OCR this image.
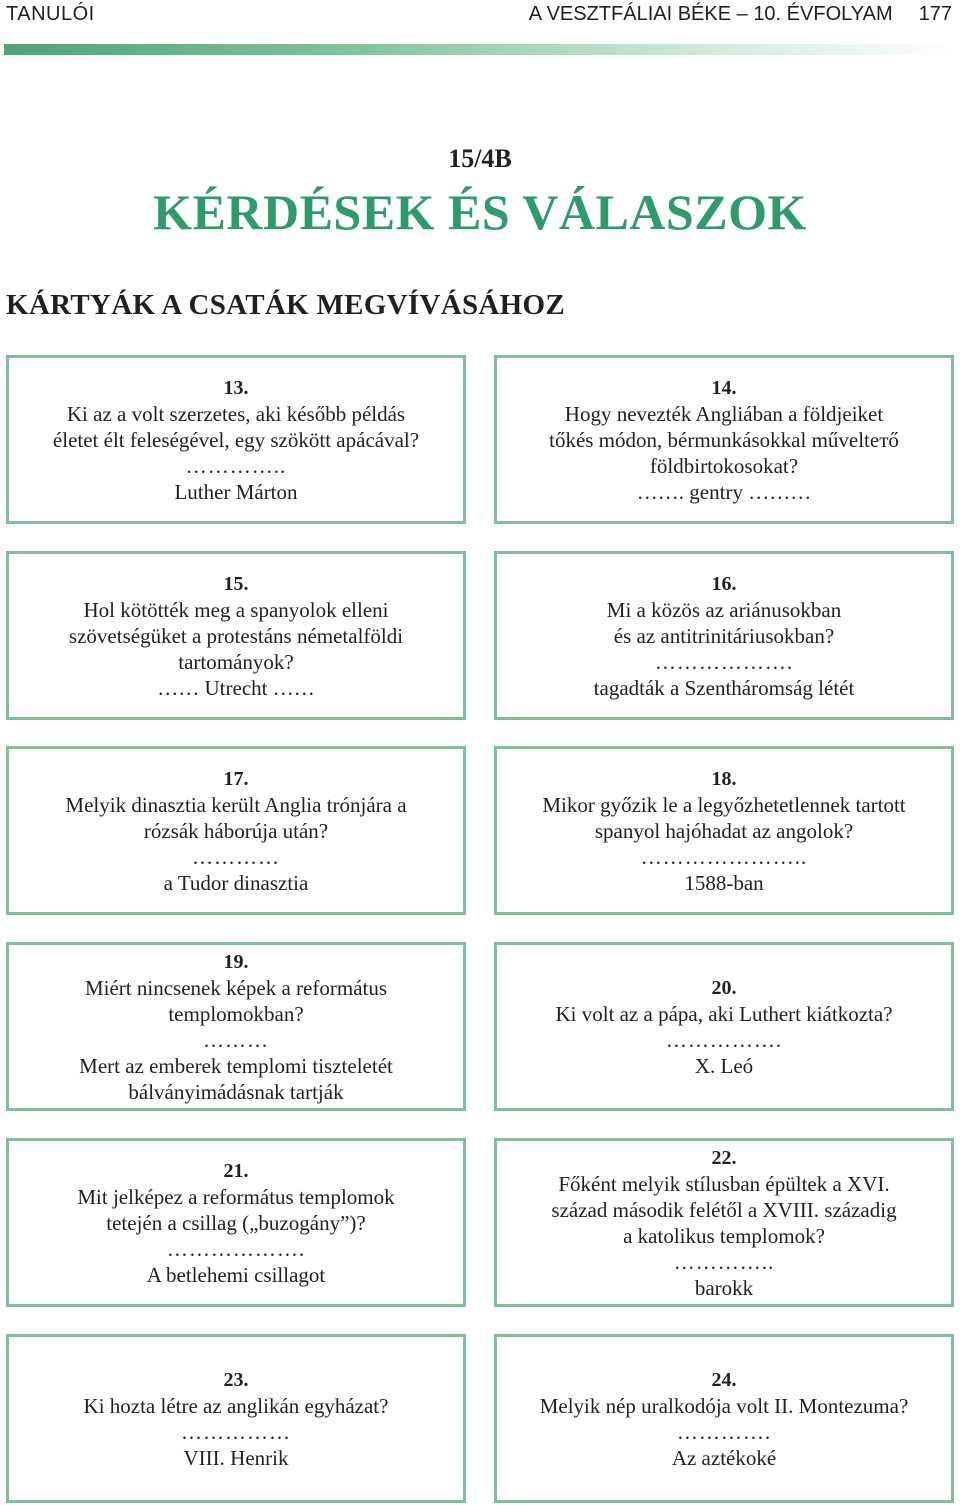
TANULÓI	A VESZTFÁLIAI BÉKE – 10. ÉVFOLYAM 177
15/4B
KÉRDÉSEK ÉS VÁLASZOK
KÁRTYÁK A CSATÁK MEGVÍVÁSÁHOZ
13.
Ki az a volt szerzetes, aki később példás
életet élt feleségével, egy szökött apácával?
…………..
Luther Márton
14.
Hogy nevezték Angliában a földjeiket
tőkés módon, bérmunkásokkal művelteтő
földbirtokosokat?
……. gentry ………
15.
Hol kötötték meg a spanyolok elleni
szövetségüket a protestáns németalföldi
tartományok?
…… Utrecht ……
16.
Mi a közös az ariánusokban
és az antitrinitáriusokban?
……………….
tagadták a Szentháromság létét
17.
Melyik dinasztia került Anglia trónjára a
rózsák háborúja után?
…………
a Tudor dinasztia
18.
Mikor győzik le a legyőzhetetlennek tartott
spanyol hajóhadat az angolok?
…………………..
1588-ban
19.
Miért nincsenek képek a református
templomokban?
………
Mert az emberek templomi tiszteletét
bálványimádásnak tartják
20.
Ki volt az a pápa, aki Luthert kiátkozta?
…………….
X. Leó
21.
Mit jelképez a református templomok
tetején a csillag („buzogány”)?
……………….
A betlehemi csillagot
22.
Főként melyik stílusban épültek a XVI.
század második felétől a XVIII. századig
a katolikus templomok?
…………..
barokk
23.
Ki hozta létre az anglikán egyházat?
……………
VIII. Henrik
24.
Melyik nép uralkodója volt II. Montezuma?
………….
Az aztékoké
